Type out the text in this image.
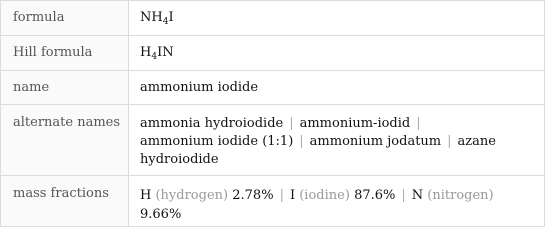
formula	$NH_4I$
Hill formula	$H_4IN$
name	ammonium iodide
alternate names	ammonia hydroiodide | ammonium-iodid |
ammonium iodide (1:1) | ammonium jodatum | azane
hydroiodide
mass fractions	H (hydrogen) 2.78% | I (iodine) 87.6% | N (nitrogen)
9.66%
